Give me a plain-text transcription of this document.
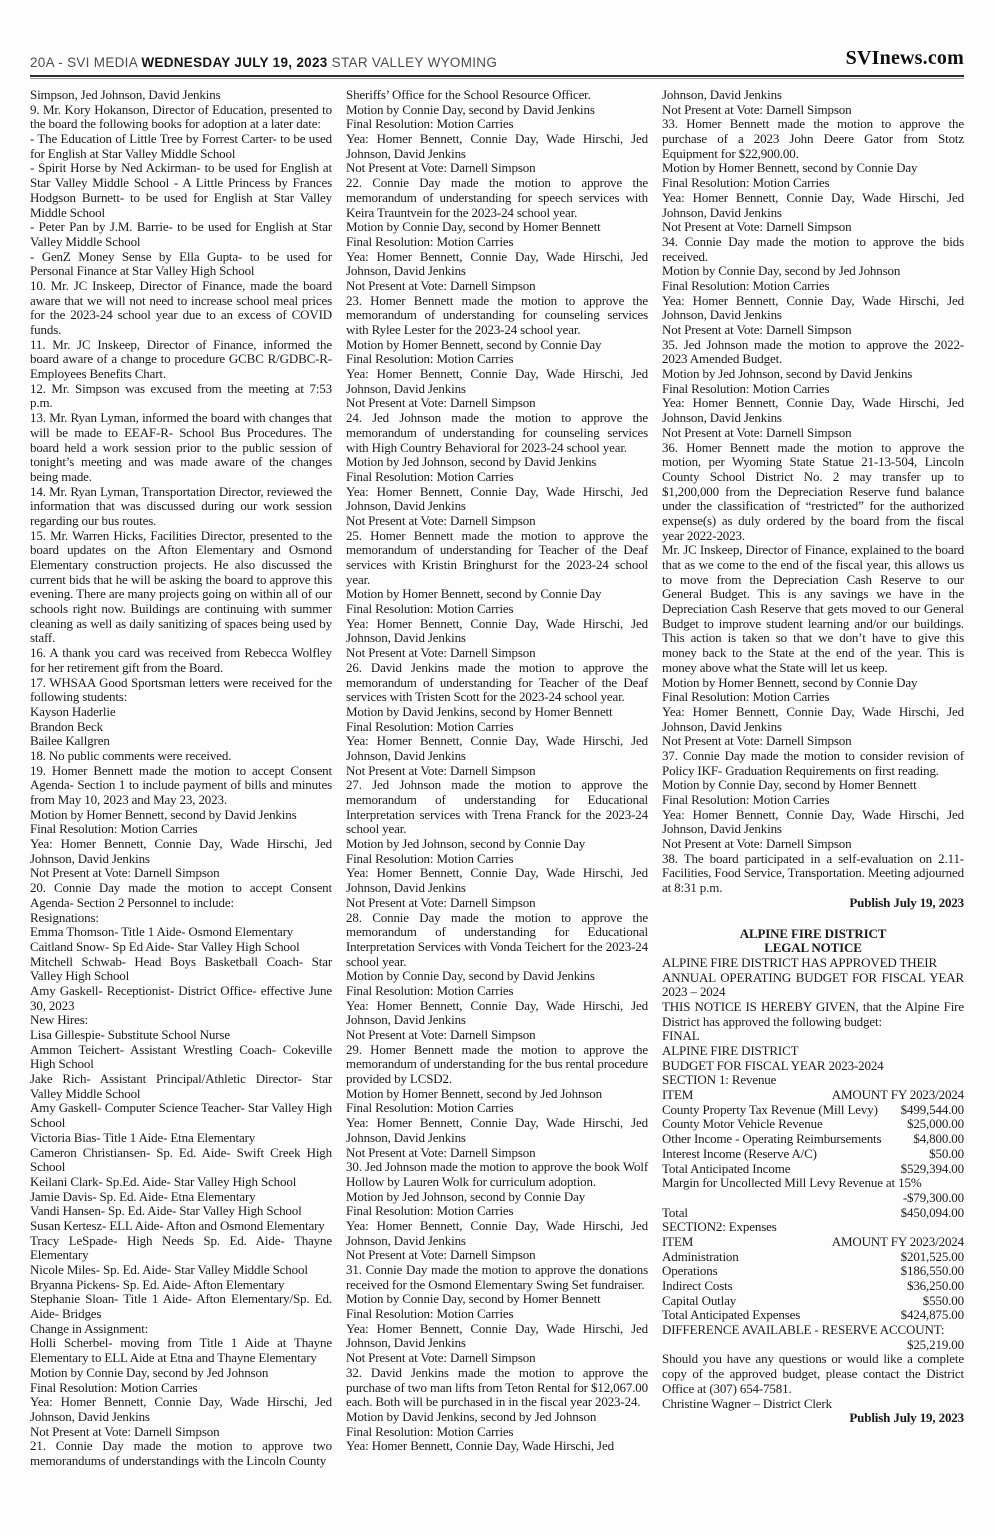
20A - SVI MEDIA WEDNESDAY JULY 19, 2023 STAR VALLEY WYOMING	SVInews.com

Simpson, Jed Johnson, David Jenkins

9. Mr. Kory Hokanson, Director of Education, presented to the board the following books for adoption at a later date:

- The Education of Little Tree by Forrest Carter- to be used for English at Star Valley Middle School

- Spirit Horse by Ned Ackirman- to be used for English at Star Valley Middle School - A Little Princess by Frances Hodgson Burnett- to be used for English at Star Valley Middle School

- Peter Pan by J.M. Barrie- to be used for English at Star Valley Middle School

- GenZ Money Sense by Ella Gupta- to be used for Personal Finance at Star Valley High School

10. Mr. JC Inskeep, Director of Finance, made the board aware that we will not need to increase school meal prices for the 2023-24 school year due to an excess of COVID funds.

11. Mr. JC Inskeep, Director of Finance, informed the board aware of a change to procedure GCBC R/GDBC-R- Employees Benefits Chart.

12. Mr. Simpson was excused from the meeting at 7:53 p.m.

13. Mr. Ryan Lyman, informed the board with changes that will be made to EEAF-R- School Bus Procedures. The board held a work session prior to the public session of tonight’s meeting and was made aware of the changes being made.

14. Mr. Ryan Lyman, Transportation Director, reviewed the information that was discussed during our work session regarding our bus routes.

15. Mr. Warren Hicks, Facilities Director, presented to the board updates on the Afton Elementary and Osmond Elementary construction projects. He also discussed the current bids that he will be asking the board to approve this evening. There are many projects going on within all of our schools right now. Buildings are continuing with summer cleaning as well as daily sanitizing of spaces being used by staff.

16. A thank you card was received from Rebecca Wolfley for her retirement gift from the Board.

17. WHSAA Good Sportsman letters were received for the following students:

Kayson Haderlie

Brandon Beck

Bailee Kallgren

18. No public comments were received.

19. Homer Bennett made the motion to accept Consent Agenda- Section 1 to include payment of bills and minutes from May 10, 2023 and May 23, 2023.

Motion by Homer Bennett, second by David Jenkins

Final Resolution: Motion Carries

Yea: Homer Bennett, Connie Day, Wade Hirschi, Jed Johnson, David Jenkins

Not Present at Vote: Darnell Simpson

20. Connie Day made the motion to accept Consent Agenda- Section 2 Personnel to include:

Resignations:

Emma Thomson- Title 1 Aide- Osmond Elementary

Caitland Snow- Sp Ed Aide- Star Valley High School

Mitchell Schwab- Head Boys Basketball Coach- Star Valley High School

Amy Gaskell- Receptionist- District Office- effective June 30, 2023

New Hires:

Lisa Gillespie- Substitute School Nurse

Ammon Teichert- Assistant Wrestling Coach- Cokeville High School

Jake Rich- Assistant Principal/Athletic Director- Star Valley Middle School

Amy Gaskell- Computer Science Teacher- Star Valley High School

Victoria Bias- Title 1 Aide- Etna Elementary

Cameron Christiansen- Sp. Ed. Aide- Swift Creek High School

Keilani Clark- Sp.Ed. Aide- Star Valley High School

Jamie Davis- Sp. Ed. Aide- Etna Elementary

Vandi Hansen- Sp. Ed. Aide- Star Valley High School

Susan Kertesz- ELL Aide- Afton and Osmond Elementary

Tracy LeSpade- High Needs Sp. Ed. Aide- Thayne Elementary

Nicole Miles- Sp. Ed. Aide- Star Valley Middle School

Bryanna Pickens- Sp. Ed. Aide- Afton Elementary

Stephanie Sloan- Title 1 Aide- Afton Elementary/Sp. Ed. Aide- Bridges

Change in Assignment:

Holli Scherbel- moving from Title 1 Aide at Thayne Elementary to ELL Aide at Etna and Thayne Elementary

Motion by Connie Day, second by Jed Johnson

Final Resolution: Motion Carries

Yea: Homer Bennett, Connie Day, Wade Hirschi, Jed Johnson, David Jenkins

Not Present at Vote: Darnell Simpson

21. Connie Day made the motion to approve two memorandums of understandings with the Lincoln County

Sheriffs’ Office for the School Resource Officer.

Motion by Connie Day, second by David Jenkins

Final Resolution: Motion Carries

Yea: Homer Bennett, Connie Day, Wade Hirschi, Jed Johnson, David Jenkins

Not Present at Vote: Darnell Simpson

22. Connie Day made the motion to approve the memorandum of understanding for speech services with Keira Trauntvein for the 2023-24 school year.

Motion by Connie Day, second by Homer Bennett

Final Resolution: Motion Carries

Yea: Homer Bennett, Connie Day, Wade Hirschi, Jed Johnson, David Jenkins

Not Present at Vote: Darnell Simpson

23. Homer Bennett made the motion to approve the memorandum of understanding for counseling services with Rylee Lester for the 2023-24 school year.

Motion by Homer Bennett, second by Connie Day

Final Resolution: Motion Carries

Yea: Homer Bennett, Connie Day, Wade Hirschi, Jed Johnson, David Jenkins

Not Present at Vote: Darnell Simpson

24. Jed Johnson made the motion to approve the memorandum of understanding for counseling services with High Country Behavioral for 2023-24 school year.

Motion by Jed Johnson, second by David Jenkins

Final Resolution: Motion Carries

Yea: Homer Bennett, Connie Day, Wade Hirschi, Jed Johnson, David Jenkins

Not Present at Vote: Darnell Simpson

25. Homer Bennett made the motion to approve the memorandum of understanding for Teacher of the Deaf services with Kristin Bringhurst for the 2023-24 school year.

Motion by Homer Bennett, second by Connie Day

Final Resolution: Motion Carries

Yea: Homer Bennett, Connie Day, Wade Hirschi, Jed Johnson, David Jenkins

Not Present at Vote: Darnell Simpson

26. David Jenkins made the motion to approve the memorandum of understanding for Teacher of the Deaf services with Tristen Scott for the 2023-24 school year.

Motion by David Jenkins, second by Homer Bennett

Final Resolution: Motion Carries

Yea: Homer Bennett, Connie Day, Wade Hirschi, Jed Johnson, David Jenkins

Not Present at Vote: Darnell Simpson

27. Jed Johnson made the motion to approve the memorandum of understanding for Educational Interpretation services with Trena Franck for the 2023-24 school year.

Motion by Jed Johnson, second by Connie Day

Final Resolution: Motion Carries

Yea: Homer Bennett, Connie Day, Wade Hirschi, Jed Johnson, David Jenkins

Not Present at Vote: Darnell Simpson

28. Connie Day made the motion to approve the memorandum of understanding for Educational Interpretation Services with Vonda Teichert for the 2023-24 school year.

Motion by Connie Day, second by David Jenkins

Final Resolution: Motion Carries

Yea: Homer Bennett, Connie Day, Wade Hirschi, Jed Johnson, David Jenkins

Not Present at Vote: Darnell Simpson

29. Homer Bennett made the motion to approve the memorandum of understanding for the bus rental procedure provided by LCSD2.

Motion by Homer Bennett, second by Jed Johnson

Final Resolution: Motion Carries

Yea: Homer Bennett, Connie Day, Wade Hirschi, Jed Johnson, David Jenkins

Not Present at Vote: Darnell Simpson

30. Jed Johnson made the motion to approve the book Wolf Hollow by Lauren Wolk for curriculum adoption.

Motion by Jed Johnson, second by Connie Day

Final Resolution: Motion Carries

Yea: Homer Bennett, Connie Day, Wade Hirschi, Jed Johnson, David Jenkins

Not Present at Vote: Darnell Simpson

31. Connie Day made the motion to approve the donations received for the Osmond Elementary Swing Set fundraiser.

Motion by Connie Day, second by Homer Bennett

Final Resolution: Motion Carries

Yea: Homer Bennett, Connie Day, Wade Hirschi, Jed Johnson, David Jenkins

Not Present at Vote: Darnell Simpson

32. David Jenkins made the motion to approve the purchase of two man lifts from Teton Rental for $12,067.00 each. Both will be purchased in in the fiscal year 2023-24.

Motion by David Jenkins, second by Jed Johnson

Final Resolution: Motion Carries

Yea: Homer Bennett, Connie Day, Wade Hirschi, Jed

Johnson, David Jenkins

Not Present at Vote: Darnell Simpson

33. Homer Bennett made the motion to approve the purchase of a 2023 John Deere Gator from Stotz Equipment for $22,900.00.

Motion by Homer Bennett, second by Connie Day

Final Resolution: Motion Carries

Yea: Homer Bennett, Connie Day, Wade Hirschi, Jed Johnson, David Jenkins

Not Present at Vote: Darnell Simpson

34. Connie Day made the motion to approve the bids received.

Motion by Connie Day, second by Jed Johnson

Final Resolution: Motion Carries

Yea: Homer Bennett, Connie Day, Wade Hirschi, Jed Johnson, David Jenkins

Not Present at Vote: Darnell Simpson

35. Jed Johnson made the motion to approve the 2022-2023 Amended Budget.

Motion by Jed Johnson, second by David Jenkins

Final Resolution: Motion Carries

Yea: Homer Bennett, Connie Day, Wade Hirschi, Jed Johnson, David Jenkins

Not Present at Vote: Darnell Simpson

36. Homer Bennett made the motion to approve the motion, per Wyoming State Statue 21-13-504, Lincoln County School District No. 2 may transfer up to $1,200,000 from the Depreciation Reserve fund balance under the classification of “restricted” for the authorized expense(s) as duly ordered by the board from the fiscal year 2022-2023.

Mr. JC Inskeep, Director of Finance, explained to the board that as we come to the end of the fiscal year, this allows us to move from the Depreciation Cash Reserve to our General Budget. This is any savings we have in the Depreciation Cash Reserve that gets moved to our General Budget to improve student learning and/or our buildings. This action is taken so that we don’t have to give this money back to the State at the end of the year. This is money above what the State will let us keep.

Motion by Homer Bennett, second by Connie Day

Final Resolution: Motion Carries

Yea: Homer Bennett, Connie Day, Wade Hirschi, Jed Johnson, David Jenkins

Not Present at Vote: Darnell Simpson

37. Connie Day made the motion to consider revision of Policy IKF- Graduation Requirements on first reading.

Motion by Connie Day, second by Homer Bennett

Final Resolution: Motion Carries

Yea: Homer Bennett, Connie Day, Wade Hirschi, Jed Johnson, David Jenkins

Not Present at Vote: Darnell Simpson

38. The board participated in a self-evaluation on 2.11- Facilities, Food Service, Transportation. Meeting adjourned at 8:31 p.m.

Publish July 19, 2023

ALPINE FIRE DISTRICT

LEGAL NOTICE

ALPINE FIRE DISTRICT HAS APPROVED THEIR

ANNUAL OPERATING BUDGET FOR FISCAL YEAR 2023 – 2024

THIS NOTICE IS HEREBY GIVEN, that the Alpine Fire District has approved the following budget:

FINAL

ALPINE FIRE DISTRICT

BUDGET FOR FISCAL YEAR 2023-2024

SECTION 1: Revenue

ITEM	AMOUNT FY 2023/2024
County Property Tax Revenue (Mill Levy) $499,544.00
County Motor Vehicle Revenue	$25,000.00
Other Income - Operating Reimbursements $4,800.00
Interest Income (Reserve A/C)	$50.00
Total Anticipated Income	$529,394.00

Margin for Uncollected Mill Levy Revenue at 15%

-$79,300.00

Total	$450,094.00

SECTION2: Expenses

ITEM	AMOUNT FY 2023/2024
Administration	$201,525.00
Operations	$186,550.00
Indirect Costs	$36,250.00
Capital Outlay	$550.00
Total Anticipated Expenses	$424,875.00

DIFFERENCE AVAILABLE - RESERVE ACCOUNT:

$25,219.00

Should you have any questions or would like a complete copy of the approved budget, please contact the District Office at (307) 654-7581.

Christine Wagner – District Clerk

Publish July 19, 2023
